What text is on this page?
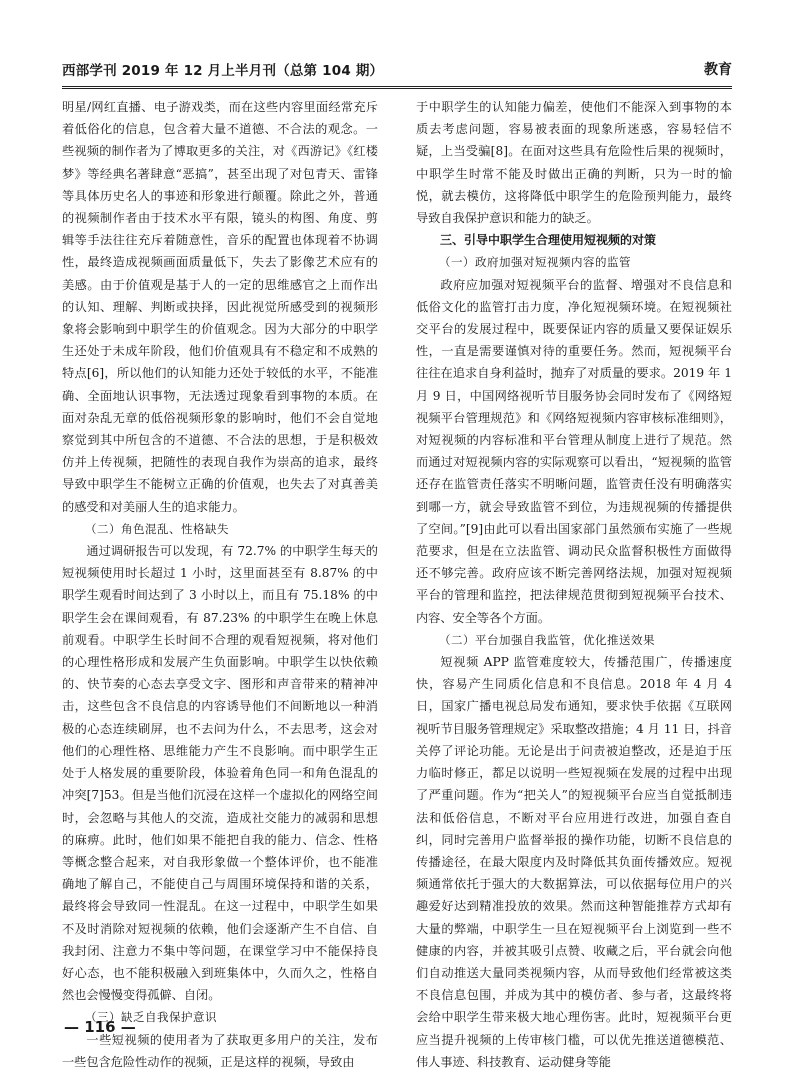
西部学刊 2019 年 12 月上半月刊（总第 104 期）	教育

明星/网红直播、电子游戏类，而在这些内容里面经常充斥着低俗化的信息，包含着大量不道德、不合法的观念。一些视频的制作者为了博取更多的关注，对《西游记》《红楼梦》等经典名著肆意“恶搞”，甚至出现了对包青天、雷锋等具体历史名人的事迹和形象进行颠覆。除此之外，普通的视频制作者由于技术水平有限，镜头的构图、角度、剪辑等手法往往充斥着随意性，音乐的配置也体现着不协调性，最终造成视频画面质量低下，失去了影像艺术应有的美感。由于价值观是基于人的一定的思维感官之上而作出的认知、理解、判断或抉择，因此视觉所感受到的视频形象将会影响到中职学生的价值观念。因为大部分的中职学生还处于未成年阶段，他们价值观具有不稳定和不成熟的特点[6]，所以他们的认知能力还处于较低的水平，不能准确、全面地认识事物，无法透过现象看到事物的本质。在面对杂乱无章的低俗视频形象的影响时，他们不会自觉地察觉到其中所包含的不道德、不合法的思想，于是积极效仿并上传视频，把随性的表现自我作为崇高的追求，最终导致中职学生不能树立正确的价值观，也失去了对真善美的感受和对美丽人生的追求能力。

（二）角色混乱、性格缺失

通过调研报告可以发现，有 72.7% 的中职学生每天的短视频使用时长超过 1 小时，这里面甚至有 8.87% 的中职学生观看时间达到了 3 小时以上，而且有 75.18% 的中职学生会在课间观看，有 87.23% 的中职学生在晚上休息前观看。中职学生长时间不合理的观看短视频，将对他们的心理性格形成和发展产生负面影响。中职学生以快依赖的、快节奏的心态去享受文字、图形和声音带来的精神冲击，这些包含不良信息的内容诱导他们不间断地以一种消极的心态连续刷屏，也不去问为什么，不去思考，这会对他们的心理性格、思维能力产生不良影响。而中职学生正处于人格发展的重要阶段，体验着角色同一和角色混乱的冲突[7]53。但是当他们沉浸在这样一个虚拟化的网络空间时，会忽略与其他人的交流，造成社交能力的减弱和思想的麻痹。此时，他们如果不能把自我的能力、信念、性格等概念整合起来，对自我形象做一个整体评价，也不能准确地了解自己，不能使自己与周围环境保持和谐的关系，最终将会导致同一性混乱。在这一过程中，中职学生如果不及时消除对短视频的依赖，他们会逐渐产生不自信、自我封闭、注意力不集中等问题，在课堂学习中不能保持良好心态，也不能积极融入到班集体中，久而久之，性格自然也会慢慢变得孤僻、自闭。

（三）缺乏自我保护意识

一些短视频的使用者为了获取更多用户的关注，发布一些包含危险性动作的视频，正是这样的视频，导致由

于中职学生的认知能力偏差，使他们不能深入到事物的本质去考虑问题，容易被表面的现象所迷惑，容易轻信不疑，上当受骗[8]。在面对这些具有危险性后果的视频时，中职学生时常不能及时做出正确的判断，只为一时的愉悦，就去模仿，这将降低中职学生的危险预判能力，最终导致自我保护意识和能力的缺乏。

三、引导中职学生合理使用短视频的对策

（一）政府加强对短视频内容的监管

政府应加强对短视频平台的监督、增强对不良信息和低俗文化的监管打击力度，净化短视频环境。在短视频社交平台的发展过程中，既要保证内容的质量又要保证娱乐性，一直是需要谨慎对待的重要任务。然而，短视频平台往往在追求自身利益时，抛弃了对质量的要求。2019 年 1 月 9 日，中国网络视听节目服务协会同时发布了《网络短视频平台管理规范》和《网络短视频内容审核标准细则》，对短视频的内容标准和平台管理从制度上进行了规范。然而通过对短视频内容的实际观察可以看出，“短视频的监管还存在监管责任落实不明晰问题，监管责任没有明确落实到哪一方，就会导致监管不到位，为违规视频的传播提供了空间。”[9]由此可以看出国家部门虽然颁布实施了一些规范要求，但是在立法监管、调动民众监督积极性方面做得还不够完善。政府应该不断完善网络法规，加强对短视频平台的管理和监控，把法律规范贯彻到短视频平台技术、内容、安全等各个方面。

（二）平台加强自我监管，优化推送效果

短视频 APP 监管难度较大，传播范围广，传播速度快，容易产生同质化信息和不良信息。2018 年 4 月 4 日，国家广播电视总局发布通知，要求快手依据《互联网视听节目服务管理规定》采取整改措施；4 月 11 日，抖音关停了评论功能。无论是出于问责被迫整改，还是迫于压力临时修正，都足以说明一些短视频在发展的过程中出现了严重问题。作为“把关人”的短视频平台应当自觉抵制违法和低俗信息，不断对平台应用进行改进，加强自查自纠，同时完善用户监督举报的操作功能，切断不良信息的传播途径，在最大限度内及时降低其负面传播效应。短视频通常依托于强大的大数据算法，可以依据每位用户的兴趣爱好达到精准投放的效果。然而这种智能推荐方式却有大量的弊端，中职学生一旦在短视频平台上浏览到一些不健康的内容，并被其吸引点赞、收藏之后，平台就会向他们自动推送大量同类视频内容，从而导致他们经常被这类不良信息包围，并成为其中的模仿者、参与者，这最终将会给中职学生带来极大地心理伤害。此时，短视频平台更应当提升视频的上传审核门槛，可以优先推送道德模范、伟人事迹、科技教育、运动健身等能

— 116 —
